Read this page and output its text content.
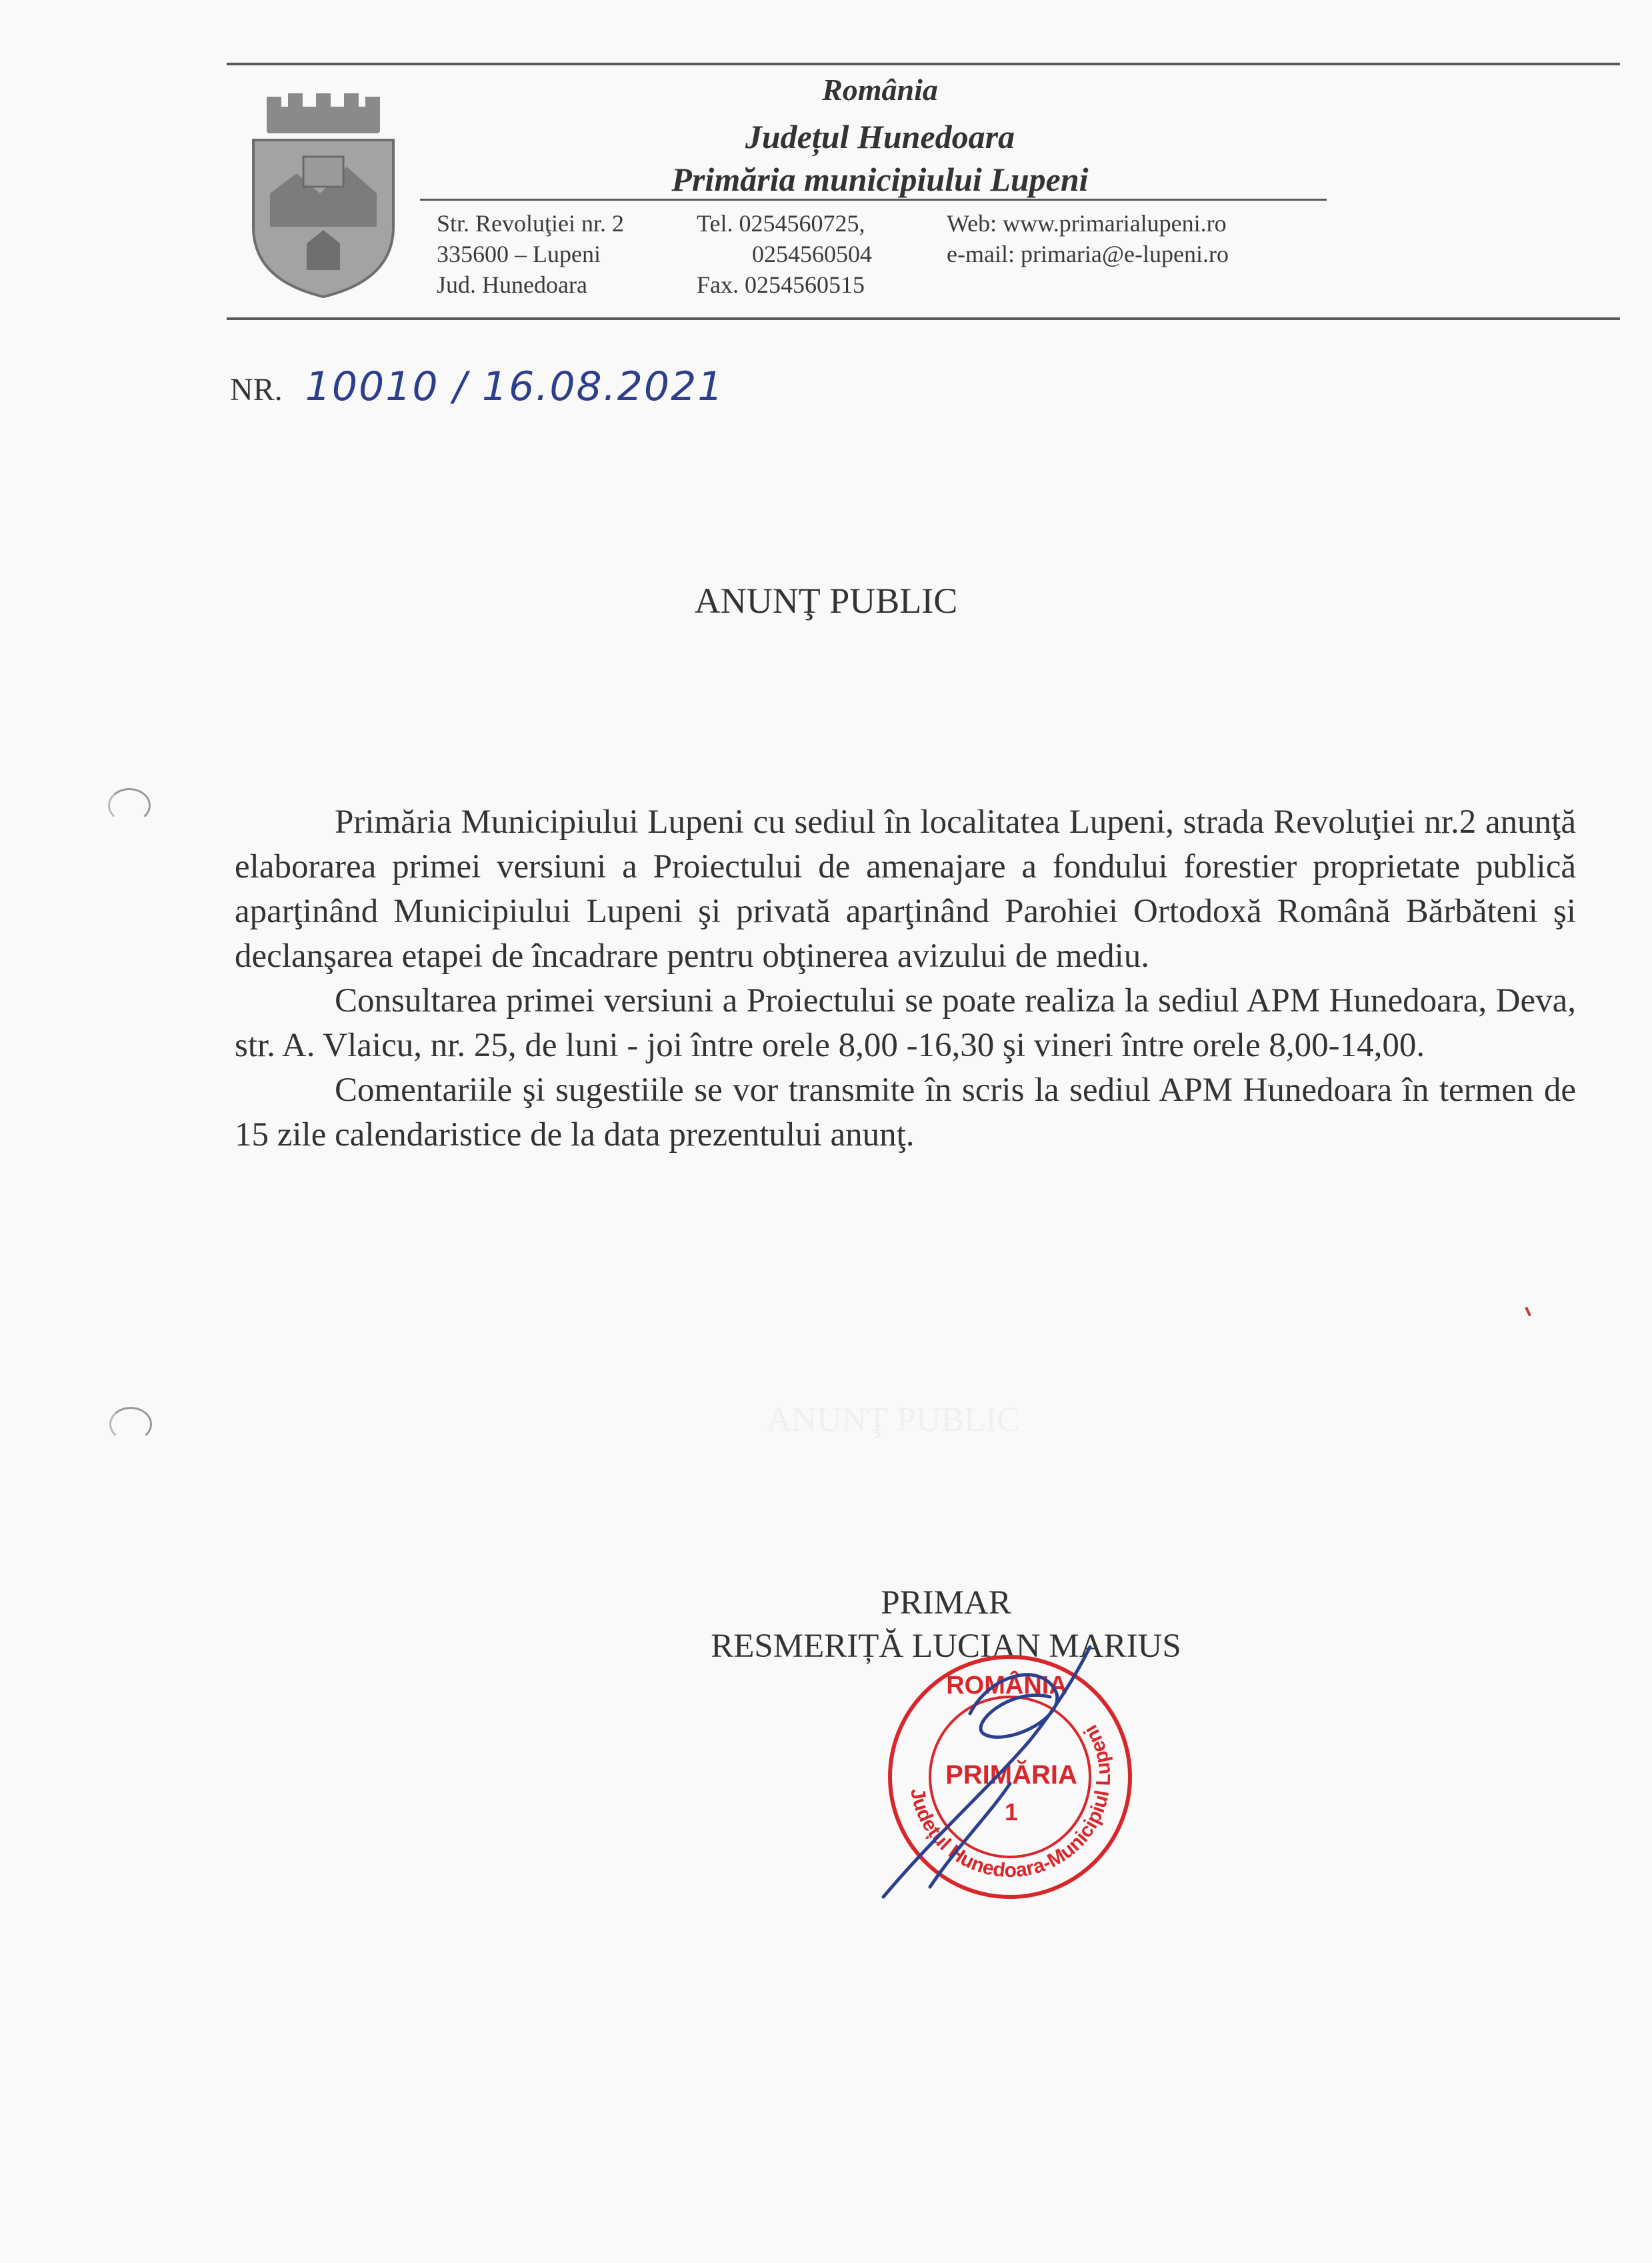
România
Județul Hunedoara
Primăria municipiului Lupeni
Str. Revoluţiei nr. 2
335600 – Lupeni
Jud. Hunedoara
Tel. 0254560725,
0254560504
Fax. 0254560515
Web: www.primarialupeni.ro
e-mail: primaria@e-lupeni.ro
NR. 10010 / 16.08.2021
ANUNŢ PUBLIC

Primăria Municipiului Lupeni cu sediul în localitatea Lupeni, strada Revoluţiei nr.2 anunţă elaborarea primei versiuni a Proiectului de amenajare a fondului forestier proprietate publică aparţinând Municipiului Lupeni şi privată aparţinând Parohiei Ortodoxă Română Bărbăteni şi declanşarea etapei de încadrare pentru obţinerea avizului de mediu.

Consultarea primei versiuni a Proiectului se poate realiza la sediul APM Hunedoara, Deva, str. A. Vlaicu, nr. 25, de luni - joi între orele 8,00 -16,30 şi vineri între orele 8,00-14,00.

Comentariile şi sugestiile se vor transmite în scris la sediul APM Hunedoara în termen de 15 zile calendaristice de la data prezentului anunţ.

ANUNŢ PUBLIC
PRIMAR
RESMERIȚĂ LUCIAN MARIUS
Județul Hunedoara-Municipiul Lupeni
ROMÂNIA
PRIMĂRIA
1
